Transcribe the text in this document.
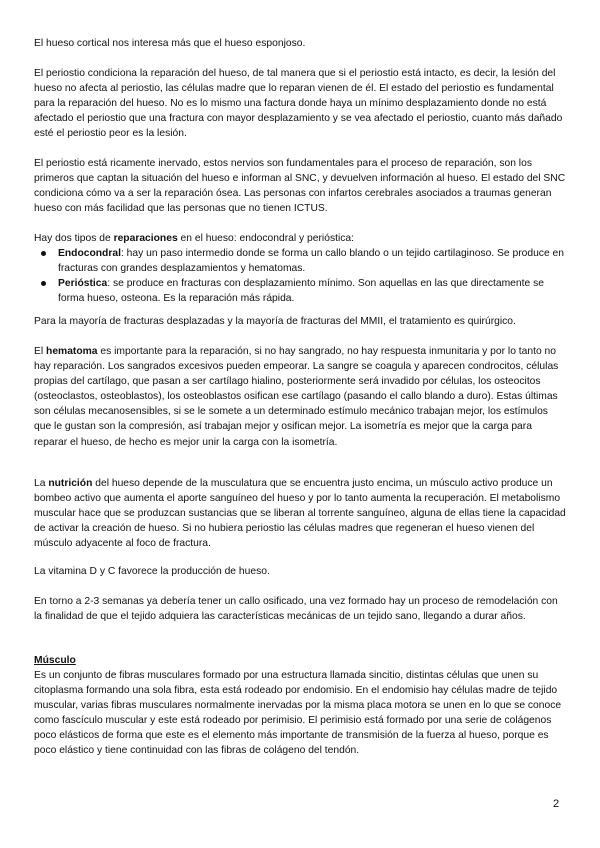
El hueso cortical nos interesa más que el hueso esponjoso.

El periostio condiciona la reparación del hueso, de tal manera que si el periostio está intacto, es decir, la lesión del hueso no afecta al periostio, las células madre que lo reparan vienen de él. El estado del periostio es fundamental para la reparación del hueso. No es lo mismo una factura donde haya un mínimo desplazamiento donde no está afectado el periostio que una fractura con mayor desplazamiento y se vea afectado el periostio, cuanto más dañado esté el periostio peor es la lesión.

El periostio está ricamente inervado, estos nervios son fundamentales para el proceso de reparación, son los primeros que captan la situación del hueso e informan al SNC, y devuelven información al hueso. El estado del SNC condiciona cómo va a ser la reparación ósea. Las personas con infartos cerebrales asociados a traumas generan hueso con más facilidad que las personas que no tienen ICTUS.

Hay dos tipos de reparaciones en el hueso: endocondral y perióstica:

Endocondral: hay un paso intermedio donde se forma un callo blando o un tejido cartilaginoso. Se produce en fracturas con grandes desplazamientos y hematomas.

Perióstica: se produce en fracturas con desplazamiento mínimo. Son aquellas en las que directamente se forma hueso, osteona. Es la reparación más rápida.

Para la mayoría de fracturas desplazadas y la mayoría de fracturas del MMII, el tratamiento es quirúrgico.

El hematoma es importante para la reparación, si no hay sangrado, no hay respuesta inmunitaria y por lo tanto no hay reparación. Los sangrados excesivos pueden empeorar. La sangre se coagula y aparecen condrocitos, células propias del cartílago, que pasan a ser cartílago hialino, posteriormente será invadido por células, los osteocitos (osteoclastos, osteoblastos), los osteoblastos osifican ese cartílago (pasando el callo blando a duro). Estas últimas son células mecanosensibles, si se le somete a un determinado estímulo mecánico trabajan mejor, los estímulos que le gustan son la compresión, así trabajan mejor y osifican mejor. La isometría es mejor que la carga para reparar el hueso, de hecho es mejor unir la carga con la isometría.

La nutrición del hueso depende de la musculatura que se encuentra justo encima, un músculo activo produce un bombeo activo que aumenta el aporte sanguíneo del hueso y por lo tanto aumenta la recuperación. El metabolismo muscular hace que se produzcan sustancias que se liberan al torrente sanguíneo, alguna de ellas tiene la capacidad de activar la creación de hueso. Si no hubiera periostio las células madres que regeneran el hueso vienen del músculo adyacente al foco de fractura.

La vitamina D y C favorece la producción de hueso.

En torno a 2-3 semanas ya debería tener un callo osificado, una vez formado hay un proceso de remodelación con la finalidad de que el tejido adquiera las características mecánicas de un tejido sano, llegando a durar años.

Músculo

Es un conjunto de fibras musculares formado por una estructura llamada sincitio, distintas células que unen su citoplasma formando una sola fibra, esta está rodeado por endomisio. En el endomisio hay células madre de tejido muscular, varias fibras musculares normalmente inervadas por la misma placa motora se unen en lo que se conoce como fascículo muscular y este está rodeado por perimisio. El perimisio está formado por una serie de colágenos poco elásticos de forma que este es el elemento más importante de transmisión de la fuerza al hueso, porque es poco elástico y tiene continuidad con las fibras de colágeno del tendón.

2
